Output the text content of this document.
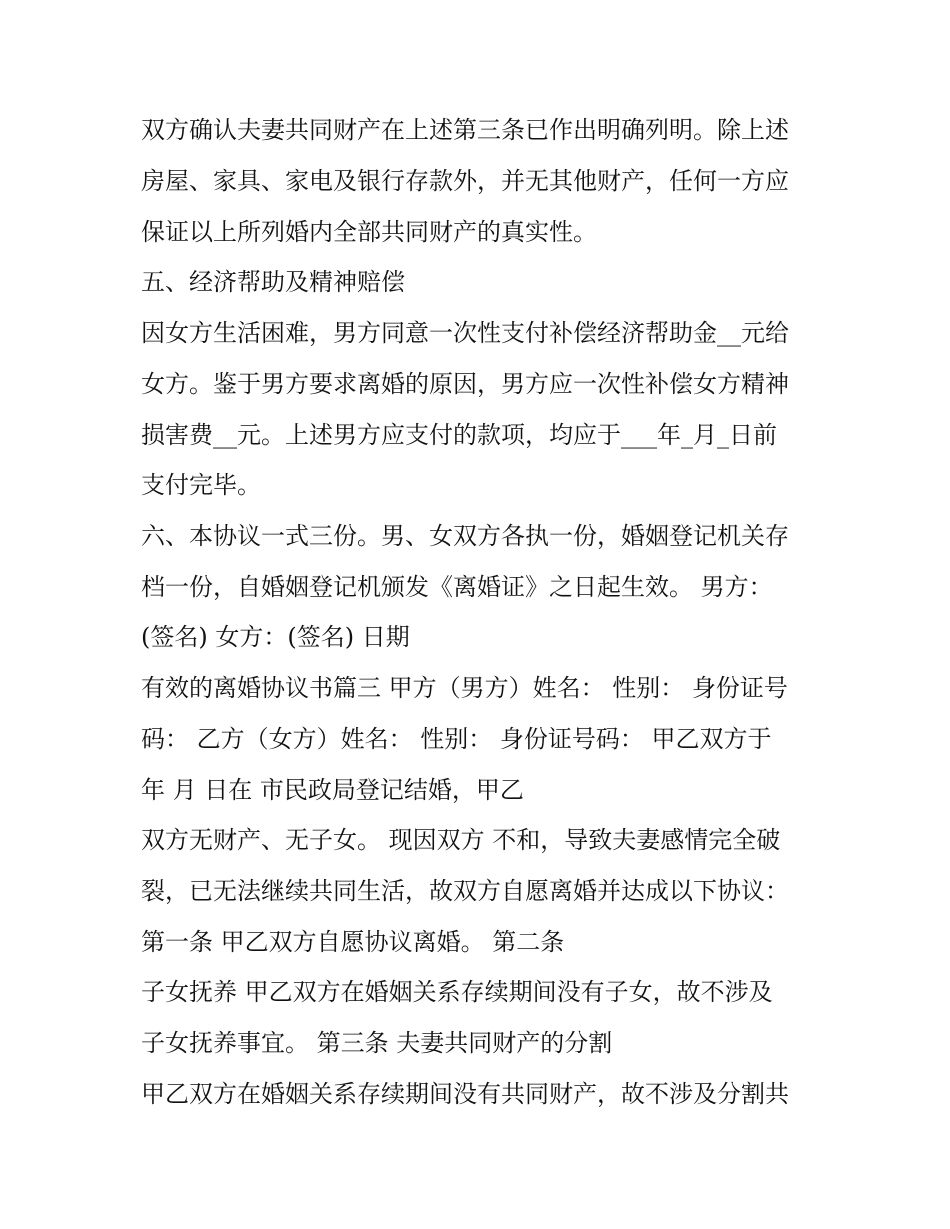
双方确认夫妻共同财产在上述第三条已作出明确列明。除上述
房屋、家具、家电及银行存款外，并无其他财产，任何一方应
保证以上所列婚内全部共同财产的真实性。
五、经济帮助及精神赔偿
因女方生活困难，男方同意一次性支付补偿经济帮助金__元给
女方。鉴于男方要求离婚的原因，男方应一次性补偿女方精神
损害费__元。上述男方应支付的款项，均应于___年_月_日前
支付完毕。
六、本协议一式三份。男、女双方各执一份，婚姻登记机关存
档一份，自婚姻登记机颁发《离婚证》之日起生效。 男方：
(签名) 女方：(签名) 日期
有效的离婚协议书篇三 甲方（男方）姓名： 性别： 身份证号
码： 乙方（女方）姓名： 性别： 身份证号码： 甲乙双方于
年 月 日在 市民政局登记结婚，甲乙
双方无财产、无子女。 现因双方 不和，导致夫妻感情完全破
裂，已无法继续共同生活，故双方自愿离婚并达成以下协议：
第一条 甲乙双方自愿协议离婚。 第二条
子女抚养 甲乙双方在婚姻关系存续期间没有子女，故不涉及
子女抚养事宜。 第三条 夫妻共同财产的分割
甲乙双方在婚姻关系存续期间没有共同财产，故不涉及分割共
